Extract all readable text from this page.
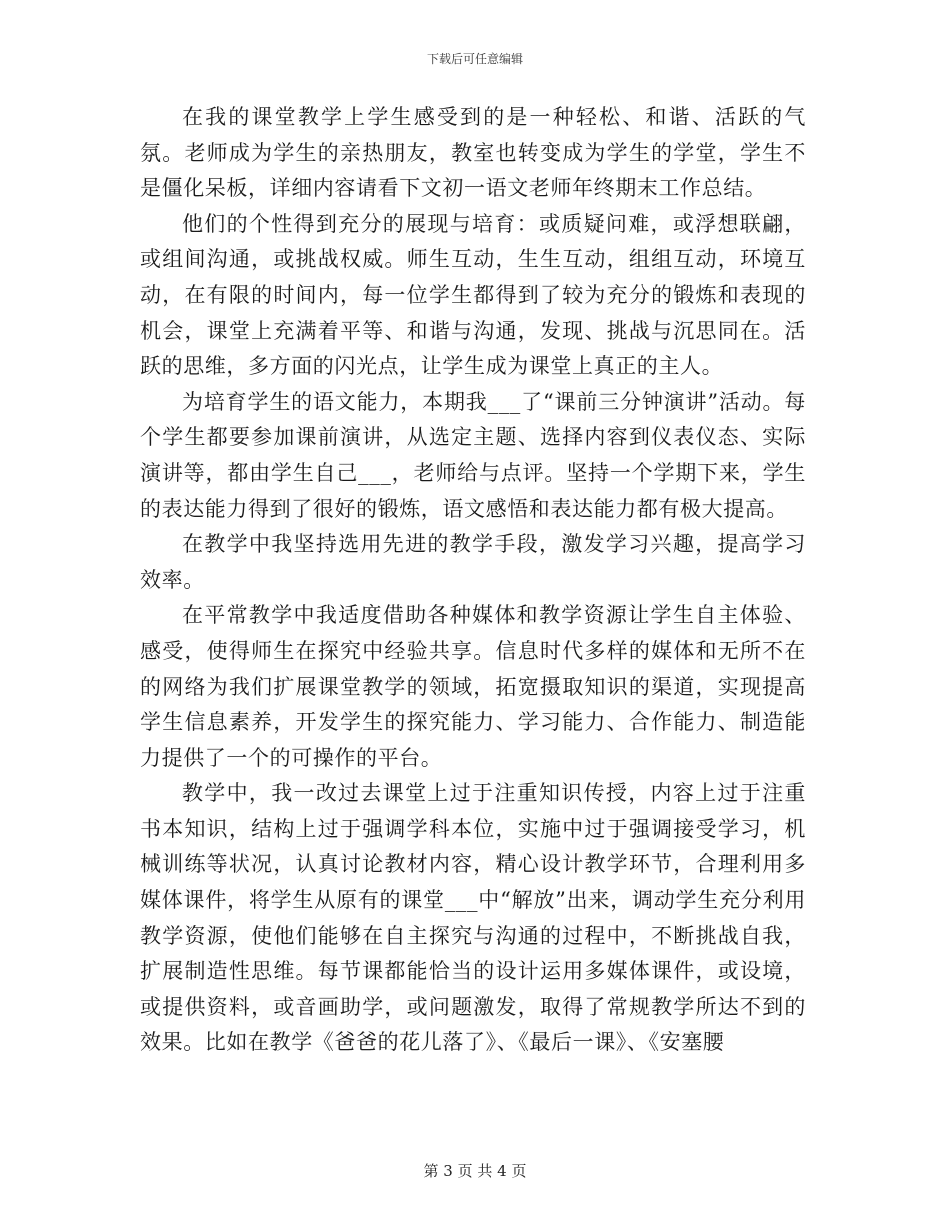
下载后可任意编辑

在我的课堂教学上学生感受到的是一种轻松、和谐、活跃的气氛。老师成为学生的亲热朋友，教室也转变成为学生的学堂，学生不是僵化呆板，详细内容请看下文初一语文老师年终期末工作总结。

他们的个性得到充分的展现与培育：或质疑问难，或浮想联翩，或组间沟通，或挑战权威。师生互动，生生互动，组组互动，环境互动，在有限的时间内，每一位学生都得到了较为充分的锻炼和表现的机会，课堂上充满着平等、和谐与沟通，发现、挑战与沉思同在。活跃的思维，多方面的闪光点，让学生成为课堂上真正的主人。

为培育学生的语文能力，本期我___了“课前三分钟演讲”活动。每个学生都要参加课前演讲，从选定主题、选择内容到仪表仪态、实际演讲等，都由学生自己___，老师给与点评。坚持一个学期下来，学生的表达能力得到了很好的锻炼，语文感悟和表达能力都有极大提高。

在教学中我坚持选用先进的教学手段，激发学习兴趣，提高学习效率。

在平常教学中我适度借助各种媒体和教学资源让学生自主体验、感受，使得师生在探究中经验共享。信息时代多样的媒体和无所不在的网络为我们扩展课堂教学的领域，拓宽摄取知识的渠道，实现提高学生信息素养，开发学生的探究能力、学习能力、合作能力、制造能力提供了一个的可操作的平台。

教学中，我一改过去课堂上过于注重知识传授，内容上过于注重书本知识，结构上过于强调学科本位，实施中过于强调接受学习，机械训练等状况，认真讨论教材内容，精心设计教学环节，合理利用多媒体课件，将学生从原有的课堂___中“解放”出来，调动学生充分利用教学资源，使他们能够在自主探究与沟通的过程中，不断挑战自我，扩展制造性思维。每节课都能恰当的设计运用多媒体课件，或设境，或提供资料，或音画助学，或问题激发，取得了常规教学所达不到的效果。比如在教学《爸爸的花儿落了》、《最后一课》、《安塞腰

第 3 页 共 4 页
